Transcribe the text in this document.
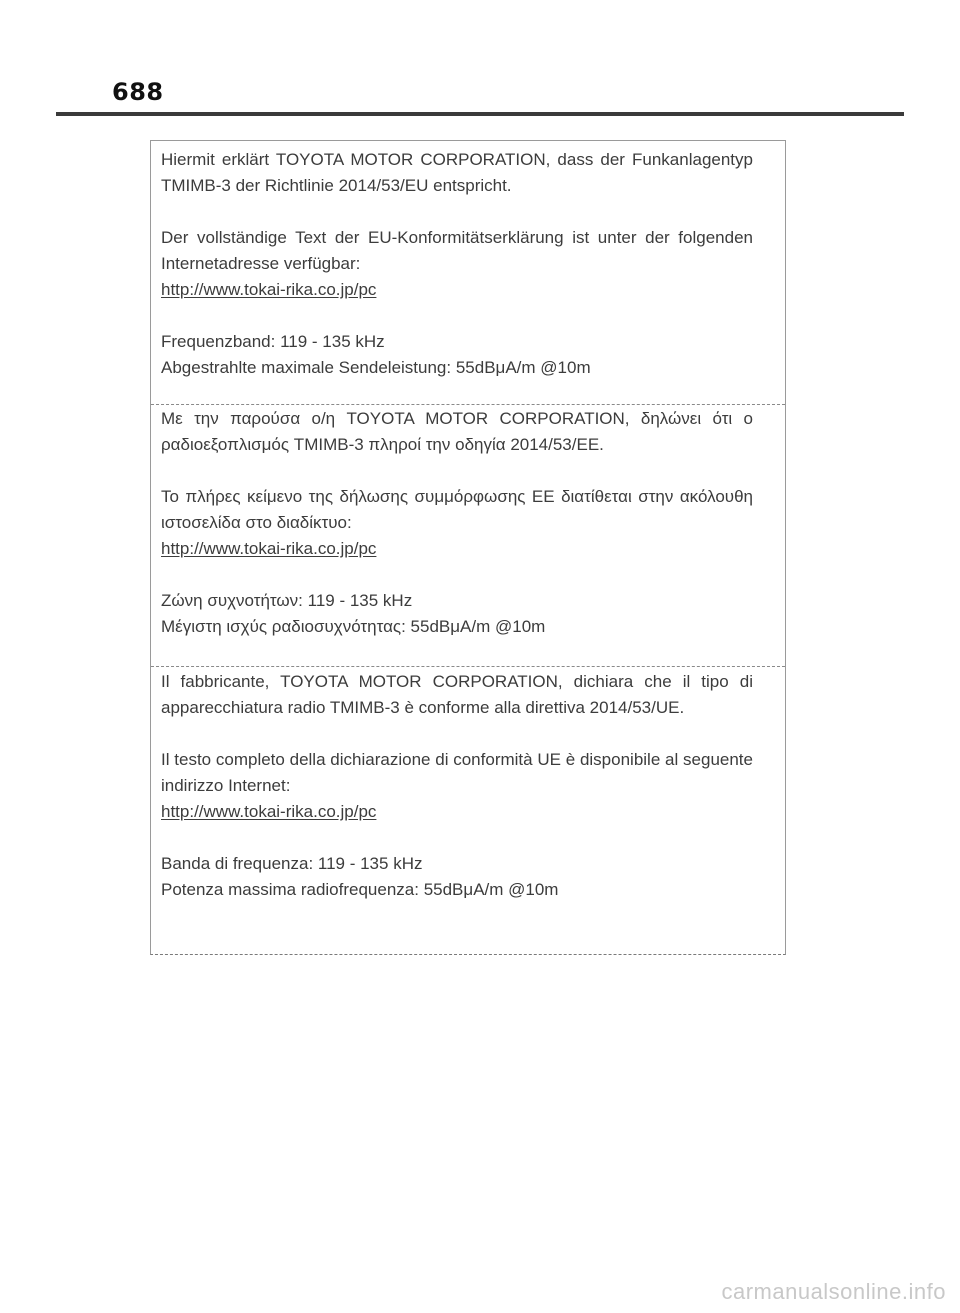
688

Hiermit erklärt TOYOTA MOTOR CORPORATION, dass der Funkanlagentyp TMIMB-3 der Richtlinie 2014/53/EU entspricht.

Der vollständige Text der EU-Konformitätserklärung ist unter der folgenden Internetadresse verfügbar:

http://www.tokai-rika.co.jp/pc
Frequenzband: 119 - 135 kHz
Abgestrahlte maximale Sendeleistung: 55dBμA/m @10m

Με την παρούσα ο/η TOYOTA MOTOR CORPORATION, δηλώνει ότι ο ραδιοεξοπλισμός TMIMB-3 πληροί την οδηγία 2014/53/ΕΕ.

Το πλήρες κείμενο της δήλωσης συμμόρφωσης ΕΕ διατίθεται στην ακόλουθη ιστοσελίδα στο διαδίκτυο:

http://www.tokai-rika.co.jp/pc
Ζώνη συχνοτήτων: 119 - 135 kHz
Μέγιστη ισχύς ραδιοσυχνότητας: 55dBμA/m @10m

Il fabbricante, TOYOTA MOTOR CORPORATION, dichiara che il tipo di apparecchiatura radio TMIMB-3 è conforme alla direttiva 2014/53/UE.

Il testo completo della dichiarazione di conformità UE è disponibile al seguente indirizzo Internet:

http://www.tokai-rika.co.jp/pc
Banda di frequenza: 119 - 135 kHz
Potenza massima radiofrequenza: 55dBμA/m @10m
carmanualsonline.info
